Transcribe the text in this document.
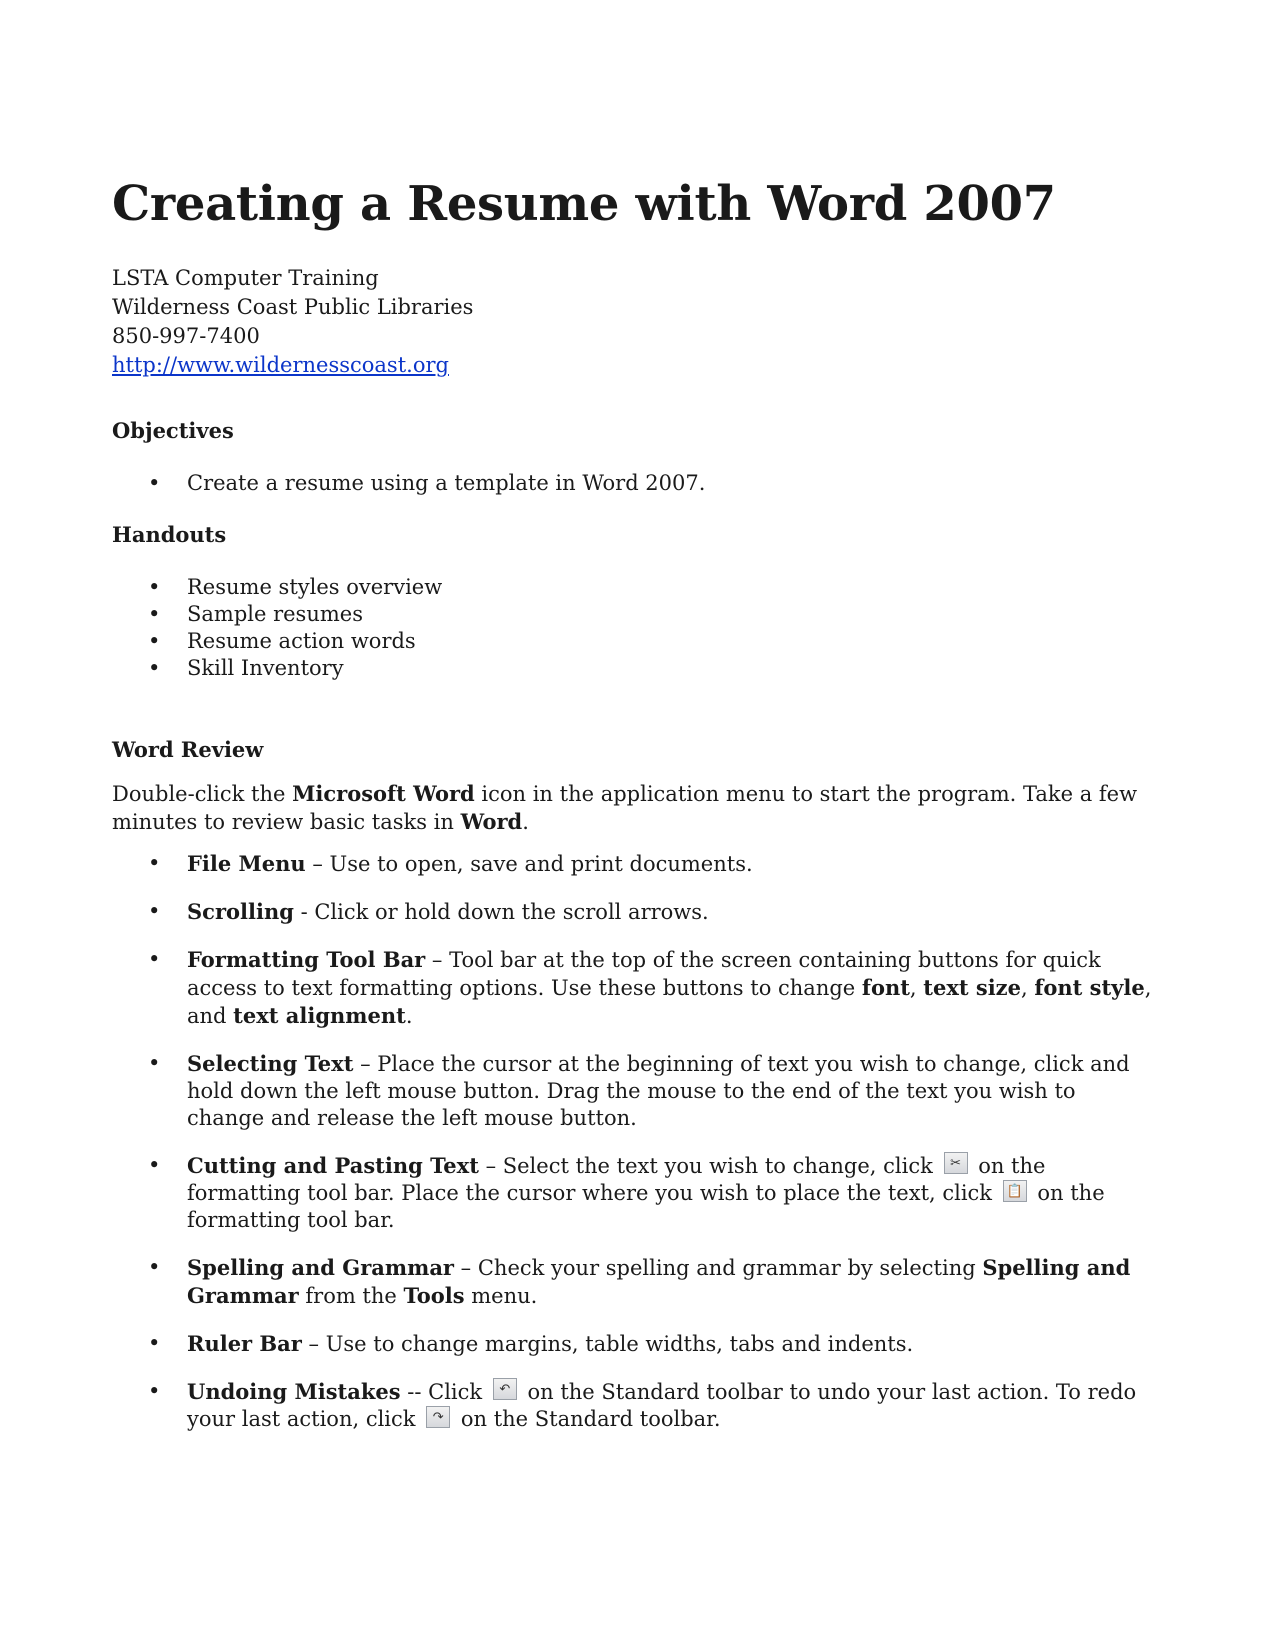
Creating a Resume with Word 2007
LSTA Computer Training
Wilderness Coast Public Libraries
850-997-7400
http://www.wildernesscoast.org
Objectives
• Create a resume using a template in Word 2007.
Handouts
• Resume styles overview
• Sample resumes
• Resume action words
• Skill Inventory
Word Review

Double-click the Microsoft Word icon in the application menu to start the program. Take a few minutes to review basic tasks in Word.

• File Menu – Use to open, save and print documents.
• Scrolling - Click or hold down the scroll arrows.
• Formatting Tool Bar – Tool bar at the top of the screen containing buttons for quick access to text formatting options. Use these buttons to change font, text size, font style, and text alignment.
• Selecting Text – Place the cursor at the beginning of text you wish to change, click and hold down the left mouse button. Drag the mouse to the end of the text you wish to change and release the left mouse button.
• Cutting and Pasting Text – Select the text you wish to change, click ✂ on the formatting tool bar. Place the cursor where you wish to place the text, click 📋 on the formatting tool bar.
• Spelling and Grammar – Check your spelling and grammar by selecting Spelling and Grammar from the Tools menu.
• Ruler Bar – Use to change margins, table widths, tabs and indents.
• Undoing Mistakes -- Click ↶ on the Standard toolbar to undo your last action. To redo your last action, click ↷ on the Standard toolbar.
